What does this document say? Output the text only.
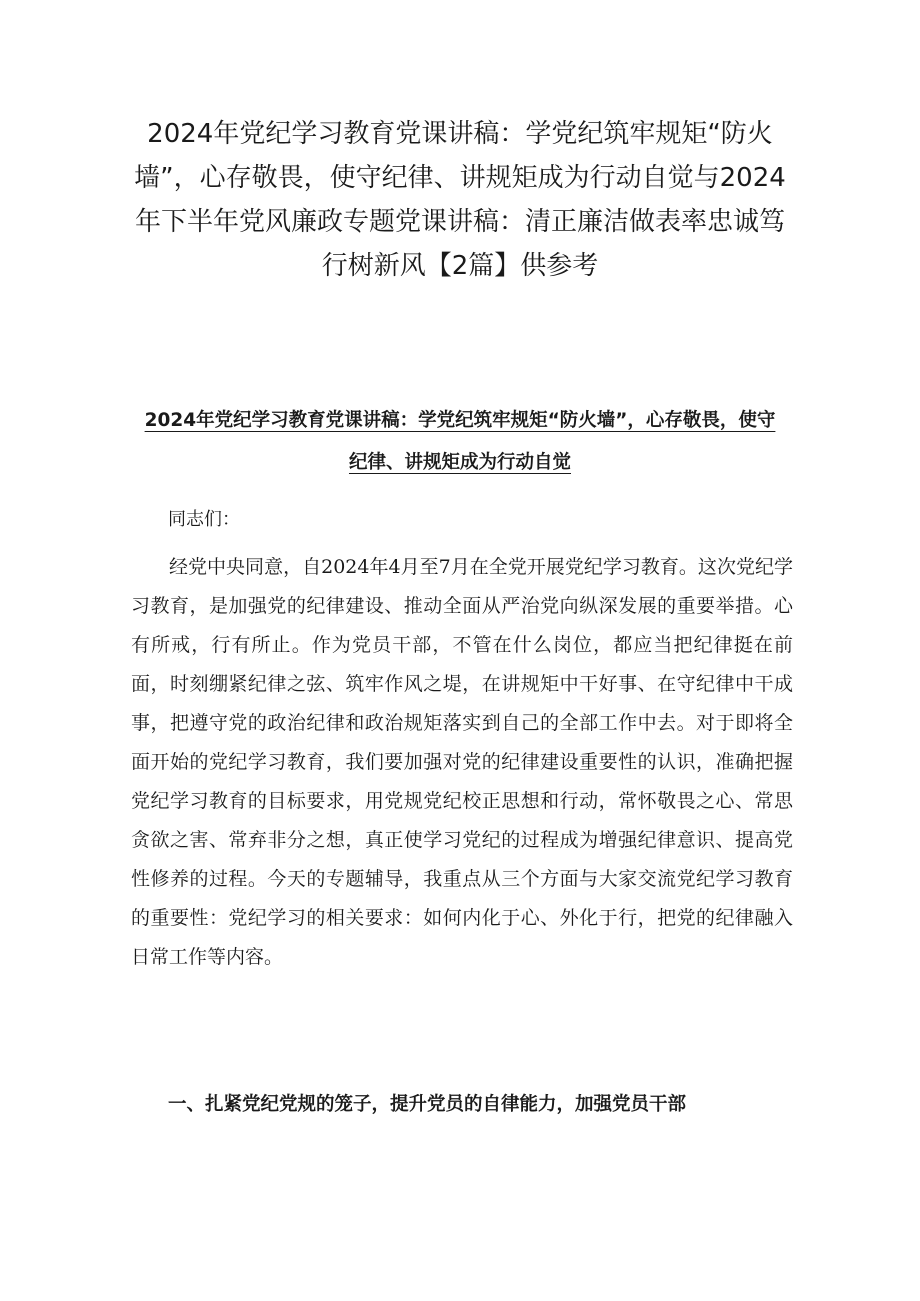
2024年党纪学习教育党课讲稿：学党纪筑牢规矩“防火墙”，心存敬畏，使守纪律、讲规矩成为行动自觉与2024年下半年党风廉政专题党课讲稿：清正廉洁做表率忠诚笃行树新风【2篇】供参考
2024年党纪学习教育党课讲稿：学党纪筑牢规矩“防火墙”，心存敬畏，使守纪律、讲规矩成为行动自觉

同志们：

经党中央同意，自2024年4月至7月在全党开展党纪学习教育。这次党纪学习教育，是加强党的纪律建设、推动全面从严治党向纵深发展的重要举措。心有所戒，行有所止。作为党员干部，不管在什么岗位，都应当把纪律挺在前面，时刻绷紧纪律之弦、筑牢作风之堤，在讲规矩中干好事、在守纪律中干成事，把遵守党的政治纪律和政治规矩落实到自己的全部工作中去。对于即将全面开始的党纪学习教育，我们要加强对党的纪律建设重要性的认识，准确把握党纪学习教育的目标要求，用党规党纪校正思想和行动，常怀敬畏之心、常思贪欲之害、常弃非分之想，真正使学习党纪的过程成为增强纪律意识、提高党性修养的过程。今天的专题辅导，我重点从三个方面与大家交流党纪学习教育的重要性：党纪学习的相关要求：如何内化于心、外化于行，把党的纪律融入日常工作等内容。

一、扎紧党纪党规的笼子，提升党员的自律能力，加强党员干部
